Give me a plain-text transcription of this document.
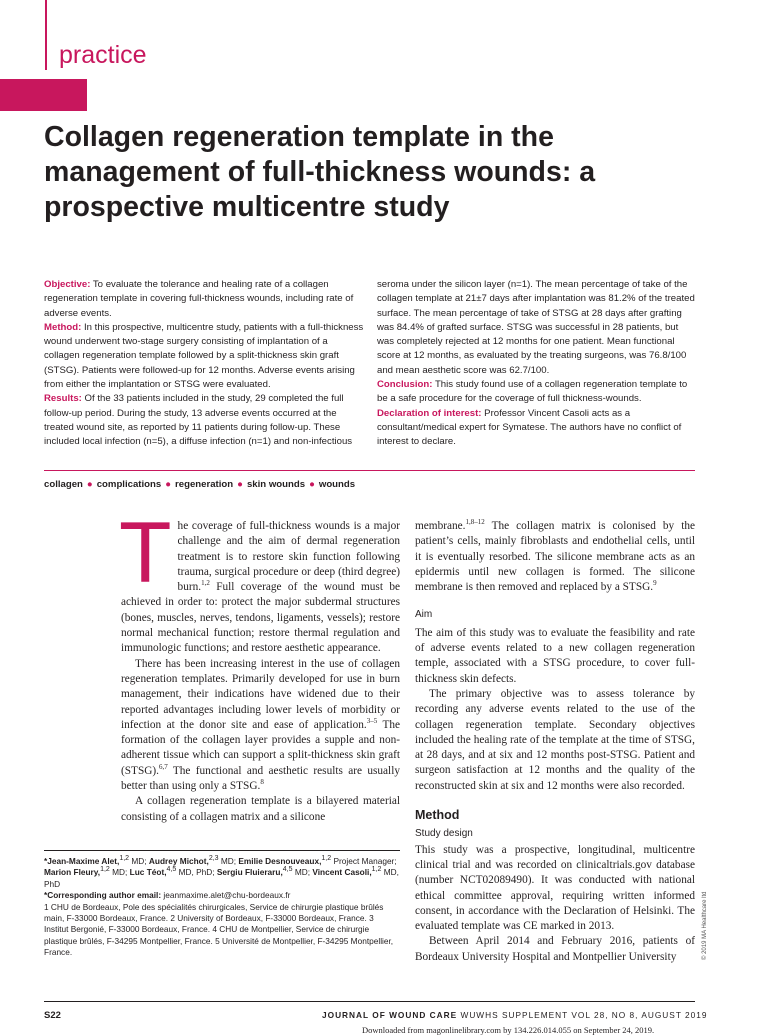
practice
Collagen regeneration template in the management of full-thickness wounds: a prospective multicentre study

Objective: To evaluate the tolerance and healing rate of a collagen regeneration template in covering full-thickness wounds, including rate of adverse events.

Method: In this prospective, multicentre study, patients with a full-thickness wound underwent two-stage surgery consisting of implantation of a collagen regeneration template followed by a split-thickness skin graft (STSG). Patients were followed-up for 12 months. Adverse events arising from either the implantation or STSG were evaluated.

Results: Of the 33 patients included in the study, 29 completed the full follow-up period. During the study, 13 adverse events occurred at the treated wound site, as reported by 11 patients during follow-up. These included local infection (n=5), a diffuse infection (n=1) and non-infectious

seroma under the silicon layer (n=1). The mean percentage of take of the collagen template at 21±7 days after implantation was 81.2% of the treated surface. The mean percentage of take of STSG at 28 days after grafting was 84.4% of grafted surface. STSG was successful in 28 patients, but was completely rejected at 12 months for one patient. Mean functional score at 12 months, as evaluated by the treating surgeons, was 76.8/100 and mean aesthetic score was 62.7/100.

Conclusion: This study found use of a collagen regeneration template to be a safe procedure for the coverage of full thickness-wounds.

Declaration of interest: Professor Vincent Casoli acts as a consultant/medical expert for Symatese. The authors have no conflict of interest to declare.

collagen ● complications ● regeneration ● skin wounds ● wounds

The coverage of full-thickness wounds is a major challenge and the aim of dermal regeneration treatment is to restore skin function following trauma, surgical procedure or deep (third degree) burn.$^{1,2}$ Full coverage of the wound must be achieved in order to: protect the major subdermal structures (bones, muscles, nerves, tendons, ligaments, vessels); restore normal mechanical function; restore thermal regulation and immunologic functions; and restore aesthetic appearance.

There has been increasing interest in the use of collagen regeneration templates. Primarily developed for use in burn management, their indications have widened due to their reported advantages including lower levels of morbidity or infection at the donor site and ease of application.$^{3-5}$ The formation of the collagen layer provides a supple and non-adherent tissue which can support a split-thickness skin graft (STSG).$^{6,7}$ The functional and aesthetic results are usually better than using only a STSG.$^8$

A collagen regeneration template is a bilayered material consisting of a collagen matrix and a silicone

membrane.$^{1,8-12}$ The collagen matrix is colonised by the patient’s cells, mainly fibroblasts and endothelial cells, until it is eventually resorbed. The silicone membrane acts as an epidermis until new collagen is formed. The silicone membrane is then removed and replaced by a STSG.$^9$

Aim

The aim of this study was to evaluate the feasibility and rate of adverse events related to a new collagen regeneration temple, associated with a STSG procedure, to cover full-thickness skin defects.

The primary objective was to assess tolerance by recording any adverse events related to the use of the collagen regeneration template. Secondary objectives included the healing rate of the template at the time of STSG, at 28 days, and at six and 12 months post-STSG. Patient and surgeon satisfaction at 12 months and the quality of the reconstructed skin at six and 12 months were also recorded.

Method
Study design

This study was a prospective, longitudinal, multicentre clinical trial and was recorded on clinicaltrials.gov database (number NCT02089490). It was conducted with national ethical committee approval, requiring written informed consent, in accordance with the Declaration of Helsinki. The evaluated template was CE marked in 2013.

Between April 2014 and February 2016, patients of Bordeaux University Hospital and Montpellier University

*Jean-Maxime Alet,$^{1,2}$ MD; Audrey Michot,$^{2,3}$ MD; Emilie Desnouveaux,$^{1,2}$ Project Manager; Marion Fleury,$^{1,2}$ MD; Luc Téot,$^{4,5}$ MD, PhD; Sergiu Fluieraru,$^{4,5}$ MD; Vincent Casoli,$^{1,2}$ MD, PhD

*Corresponding author email: jeanmaxime.alet@chu-bordeaux.fr

1 CHU de Bordeaux, Pole des spécialités chirurgicales, Service de chirurgie plastique brûlés main, F-33000 Bordeaux, France. 2 University of Bordeaux, F-33000 Bordeaux, France. 3 Institut Bergonié, F-33000 Bordeaux, France. 4 CHU de Montpellier, Service de chirurgie plastique brûlés, F-34295 Montpellier, France. 5 Université de Montpellier, F-34295 Montpellier, France.	© 2019 MA Healthcare ltd
S22	JOURNAL OF WOUND CARE WUWHS SUPPLEMENT VOL 28, NO 8, AUGUST 2019
Downloaded from magonlinelibrary.com by 134.226.014.055 on September 24, 2019.
